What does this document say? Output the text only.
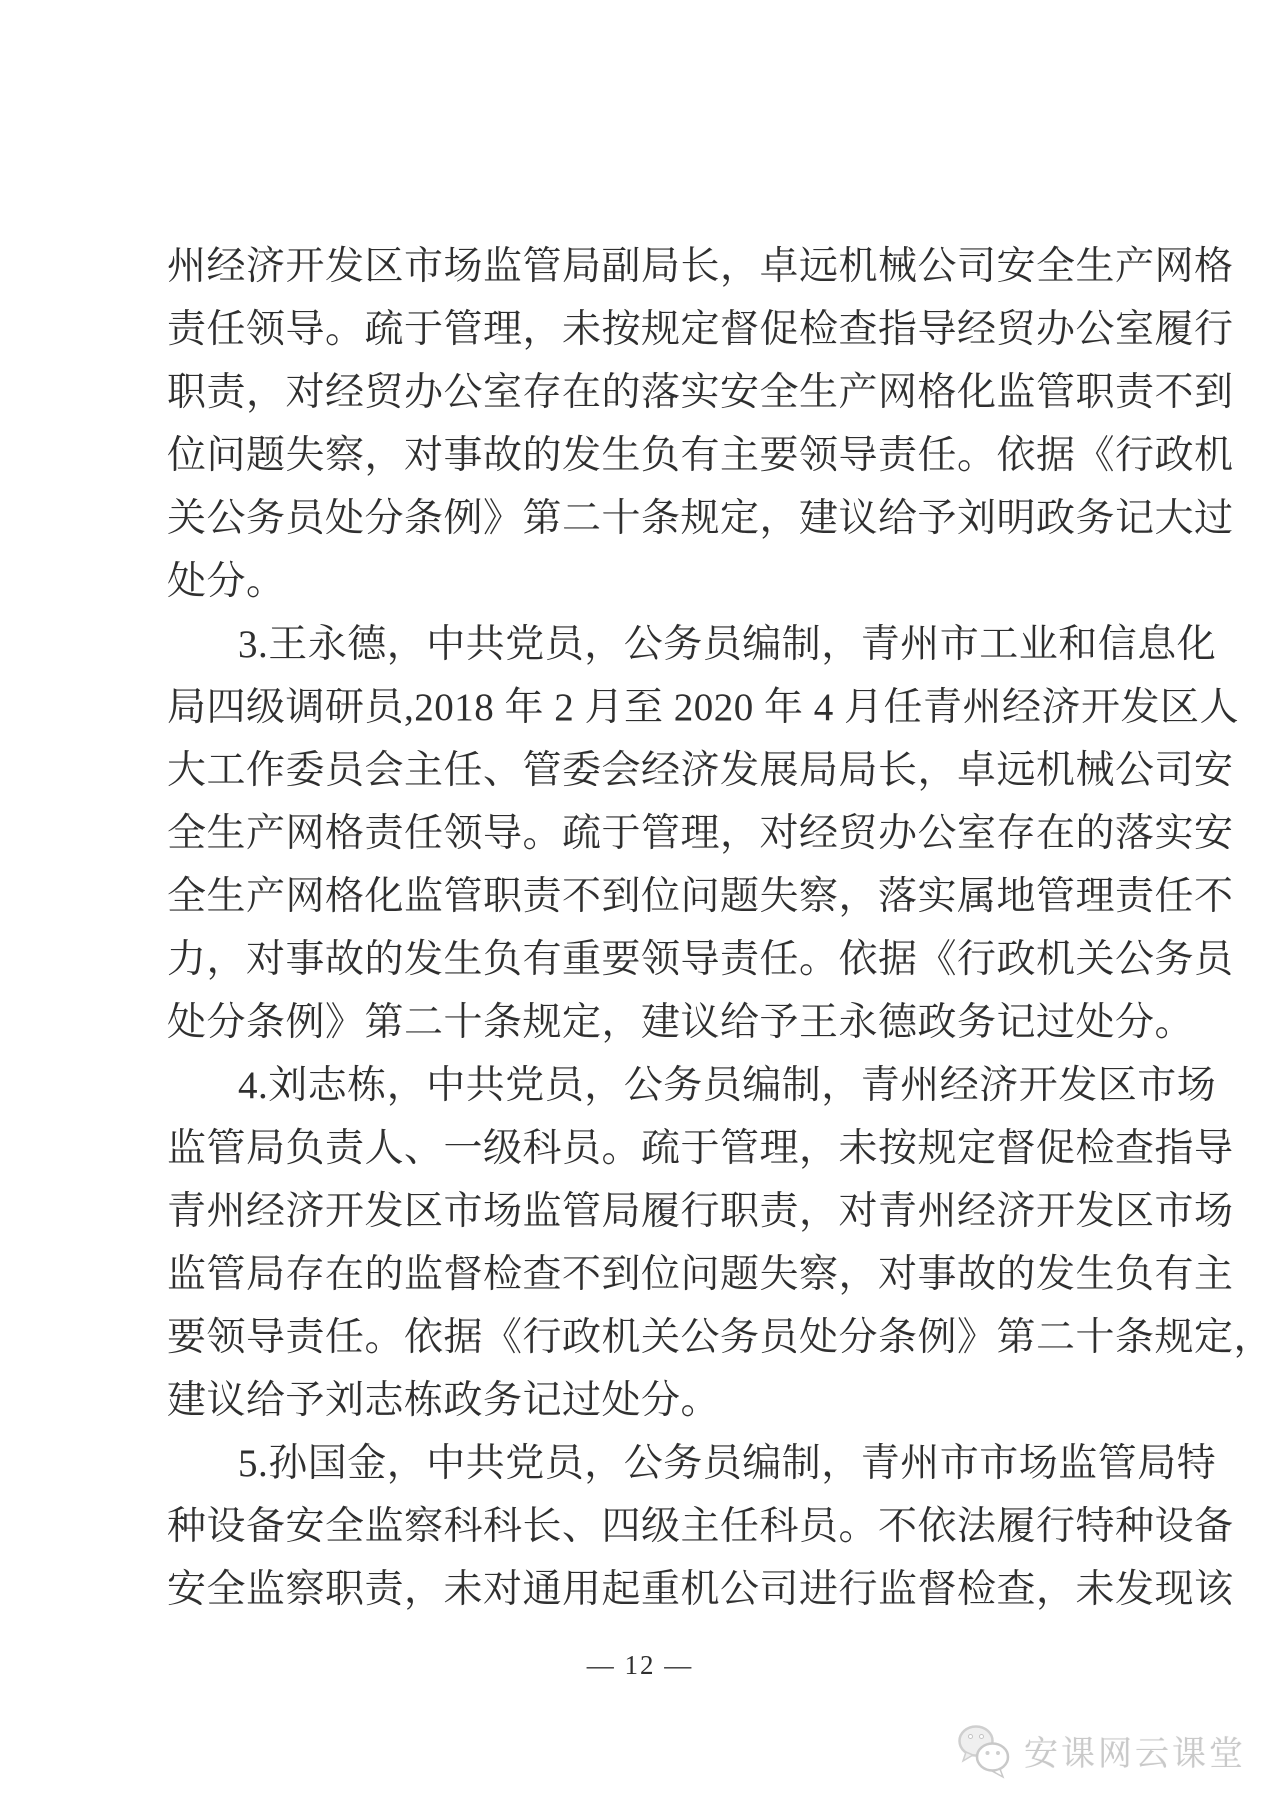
州经济开发区市场监管局副局长，卓远机械公司安全生产网格

责任领导。疏于管理，未按规定督促检查指导经贸办公室履行

职责，对经贸办公室存在的落实安全生产网格化监管职责不到

位问题失察，对事故的发生负有主要领导责任。依据《行政机

关公务员处分条例》第二十条规定，建议给予刘明政务记大过

处分。

3.王永德，中共党员，公务员编制，青州市工业和信息化

局四级调研员,2018 年 2 月至 2020 年 4 月任青州经济开发区人

大工作委员会主任、管委会经济发展局局长，卓远机械公司安

全生产网格责任领导。疏于管理，对经贸办公室存在的落实安

全生产网格化监管职责不到位问题失察，落实属地管理责任不

力，对事故的发生负有重要领导责任。依据《行政机关公务员

处分条例》第二十条规定，建议给予王永德政务记过处分。

4.刘志栋，中共党员，公务员编制，青州经济开发区市场

监管局负责人、一级科员。疏于管理，未按规定督促检查指导

青州经济开发区市场监管局履行职责，对青州经济开发区市场

监管局存在的监督检查不到位问题失察，对事故的发生负有主

要领导责任。依据《行政机关公务员处分条例》第二十条规定，

建议给予刘志栋政务记过处分。

5.孙国金，中共党员，公务员编制，青州市市场监管局特

种设备安全监察科科长、四级主任科员。不依法履行特种设备

安全监察职责，未对通用起重机公司进行监督检查，未发现该

— 12 —
安课网云课堂
